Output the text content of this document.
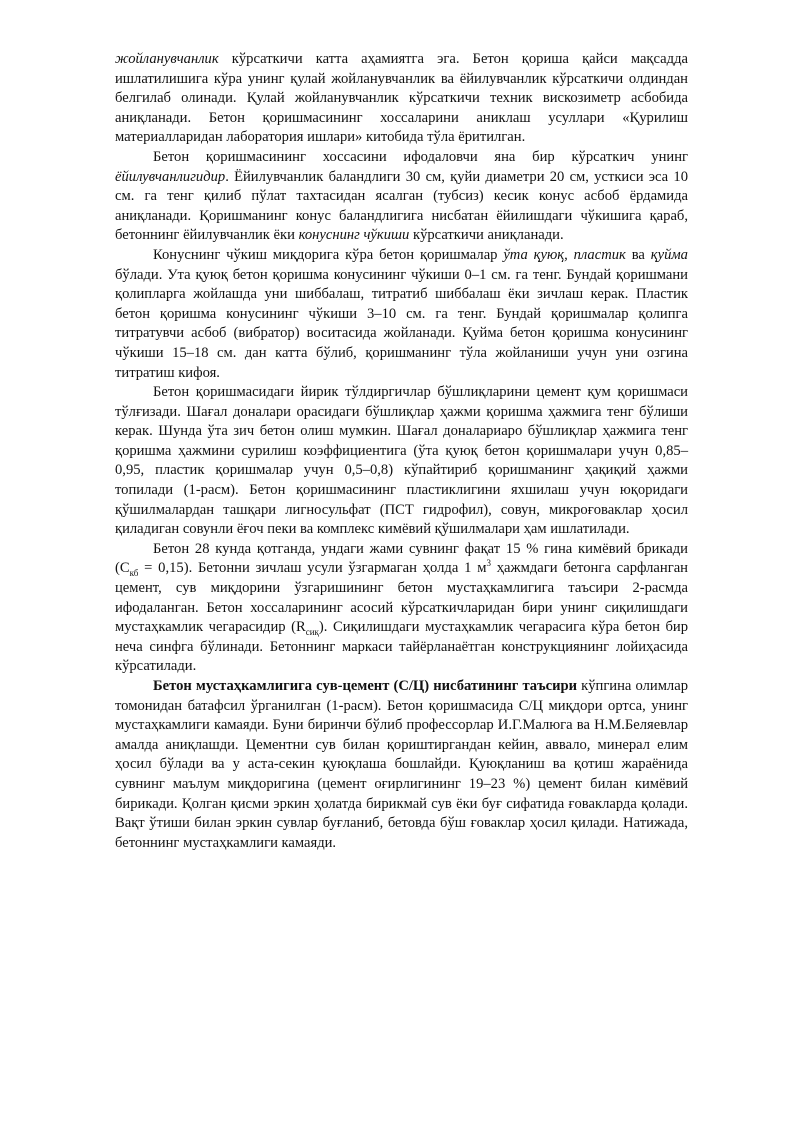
жойланувчанлик кўрсаткичи катта аҳамиятга эга. Бетон қориша қайси мақсадда ишлатилишига кўра унинг қулай жойланувчанлик ва ёйилувчанлик кўрсаткичи олдиндан белгилаб олинади. Қулай жойланувчанлик кўрсаткичи техник вискозиметр асбобида аниқланади. Бетон қоришмасининг хоссаларини аниклаш усуллари «Қурилиш материалларидан лаборатория ишлари» китобида тўла ёритилган.

Бетон қоришмасининг хоссасини ифодаловчи яна бир кўрсаткич унинг ёйилувчанлигидир. Ёйилувчанлик баландлиги 30 см, қуйи диаметри 20 см, усткиси эса 10 см. га тенг қилиб пўлат тахтасидан ясалган (тубсиз) кесик конус асбоб ёрдамида аниқланади. Қоришманинг конус баландлигига нисбатан ёйилишдаги чўкишига қараб, бетоннинг ёйилувчанлик ёки конуснинг чўкиши кўрсаткичи аниқланади.

Конуснинг чўкиш миқдорига кўра бетон қоришмалар ўта қуюқ, пластик ва қуйма бўлади. Ута қуюқ бетон қоришма конусининг чўкиши 0–1 см. га тенг. Бундай қоришмани қолипларга жойлашда уни шиббалаш, титратиб шиббалаш ёки зичлаш керак. Пластик бетон қоришма конусининг чўкиши 3–10 см. га тенг. Бундай қоришмалар қолипга титратувчи асбоб (вибратор) воситасида жойланади. Қуйма бетон қоришма конусининг чўкиши 15–18 см. дан катта бўлиб, қоришманинг тўла жойланиши учун уни озгина титратиш кифоя.

Бетон қоришмасидаги йирик тўлдиргичлар бўшлиқларини цемент қум қоришмаси тўлғизади. Шағал доналари орасидаги бўшлиқлар ҳажми қоришма ҳажмига тенг бўлиши керак. Шунда ўта зич бетон олиш мумкин. Шағал доналариаро бўшлиқлар ҳажмига тенг қоришма ҳажмини сурилиш коэффициентига (ўта қуюқ бетон қоришмалари учун 0,85–0,95, пластик қоришмалар учун 0,5–0,8) кўпайтириб қоришманинг ҳақиқий ҳажми топилади (1-расм). Бетон қоришмасининг пластиклигини яхшилаш учун юқоридаги қўшилмалардан ташқари лигносульфат (ПСТ гидрофил), совун, микроғоваклар ҳосил қиладиган совунли ёғоч пеки ва комплекс кимёвий қўшилмалари ҳам ишлатилади.

Бетон 28 кунда қотганда, ундаги жами сувнинг фақат 15 % гина кимёвий брикади $(С_{кб} = 0,15)$. Бетонни зичлаш усули ўзгармаган ҳолда 1 $м^3$ ҳажмдаги бетонга сарфланган цемент, сув миқдорини ўзгаришининг бетон мустаҳкамлигига таъсири 2-расмда ифодаланган. Бетон хоссаларининг асосий кўрсаткичларидан бири унинг сиқилишдаги мустаҳкамлик чегарасидир $(R_{сиқ})$. Сиқилишдаги мустаҳкамлик чегарасига кўра бетон бир неча синфга бўлинади. Бетоннинг маркаси тайёрланаётган конструкциянинг лойиҳасида кўрсатилади.

Бетон мустаҳкамлигига сув-цемент (С/Ц) нисбатининг таъсири кўпгина олимлар томонидан батафсил ўрганилган (1-расм). Бетон қоришмасида С/Ц миқдори ортса, унинг мустаҳкамлиги камаяди. Буни биринчи бўлиб профессорлар И.Г.Малюга ва Н.М.Беляевлар амалда аниқлашди. Цементни сув билан қориштиргандан кейин, аввало, минерал елим ҳосил бўлади ва у аста-секин қуюқлаша бошлайди. Қуюқланиш ва қотиш жараёнида сувнинг маълум миқдоригина (цемент оғирлигининг 19–23 %) цемент билан кимёвий бирикади. Қолган қисми эркин ҳолатда бирикмай сув ёки буғ сифатида ғовакларда қолади. Вақт ўтиши билан эркин сувлар буғланиб, бетовда бўш ғоваклар ҳосил қилади. Натижада, бетоннинг мустаҳкамлиги камаяди.
